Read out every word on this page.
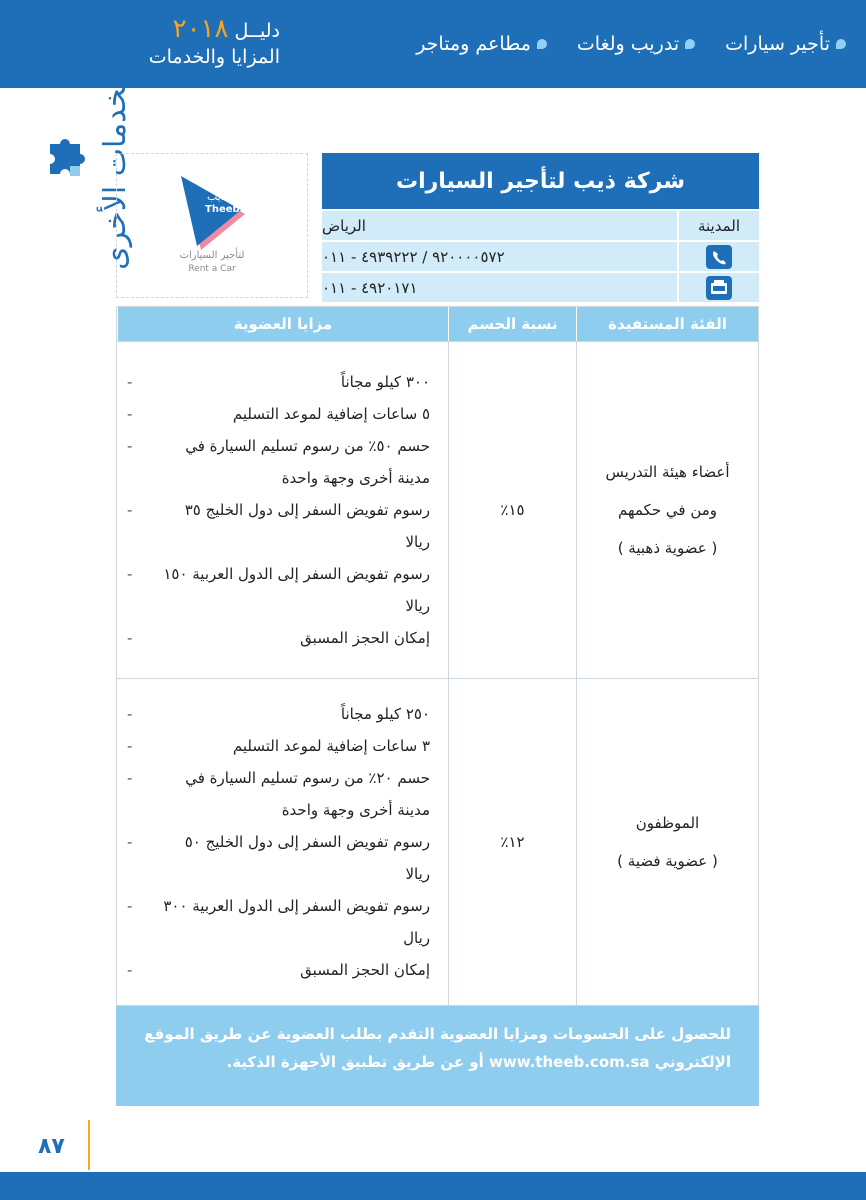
دليــل٢٠١٨
المزايا والخدمات
تأجير سيارات
تدريب ولغات
مطاعم ومتاجر
الخدمات الأخرى	ذيب
Theeb
لتأجير السيارات
Rent a Car
شركة ذيب لتأجير السيارات
المدينة
الرياض
٩٢٠٠٠٠٥٧٢ / ٤٩٣٩٢٢٢ - ٠١١
٤٩٢٠١٧١ - ٠١١
الفئة المستفيدة
نسبة الحسم
مزايا العضوية
أعضاء هيئة التدريس
ومن في حكمهم
( عضوية ذهبية )
١٥٪
-	٣٠٠ كيلو مجاناً
-	٥ ساعات إضافية لموعد التسليم
-	حسم ٥٠٪ من رسوم تسليم السيارة في مدينة أخرى وجهة واحدة
-	رسوم تفويض السفر إلى دول الخليج ٣٥ ريالا
-	رسوم تفويض السفر إلى الدول العربية ١٥٠ ريالا
-	إمكان الحجز المسبق
الموظفون
( عضوية فضية )
١٢٪
-	٢٥٠ كيلو مجاناً
-	٣ ساعات إضافية لموعد التسليم
-	حسم ٢٠٪ من رسوم تسليم السيارة في مدينة أخرى وجهة واحدة
-	رسوم تفويض السفر إلى دول الخليج ٥٠ ريالا
-	رسوم تفويض السفر إلى الدول العربية ٣٠٠ ريال
-	إمكان الحجز المسبق
للحصول على الحسومات ومزايا العضوية التقدم بطلب العضوية عن طريق الموقع الإلكتروني www.theeb.com.sa أو عن طريق تطبيق الأجهزة الذكية.
٨٧
